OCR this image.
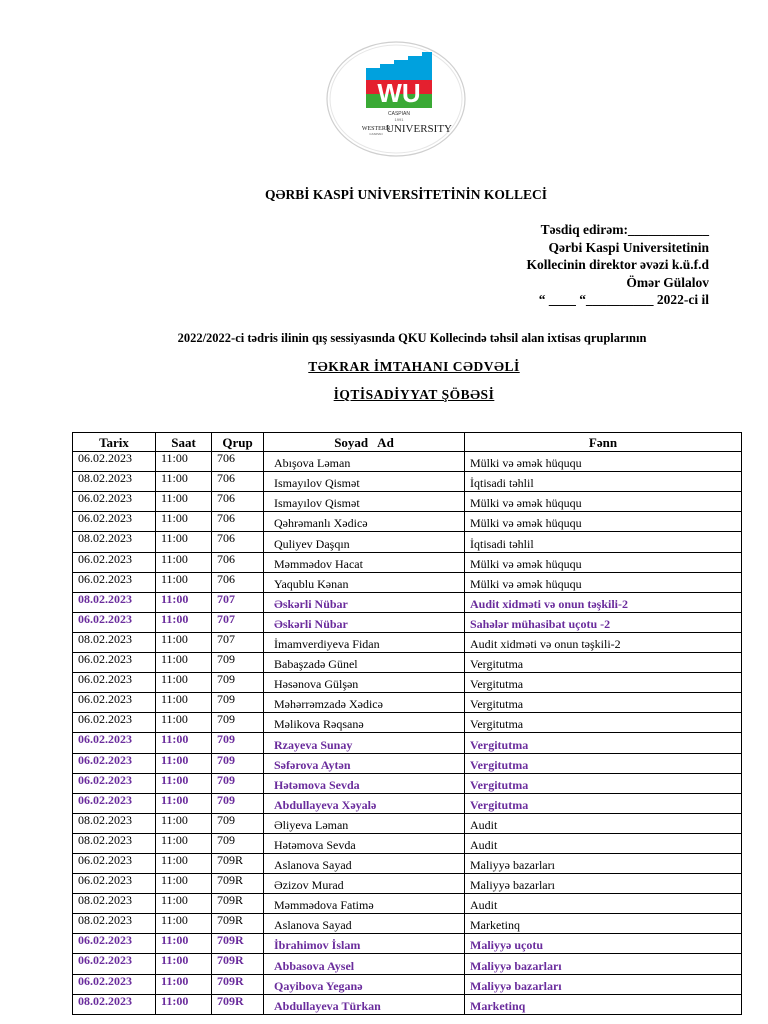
WU
CASPIAN
1991
WESTERN
CASPIAN UNIVERSITY
QƏRBİ KASPİ UNİVERSİTETİNİN KOLLECİ
Təsdiq edirəm:____________
Qərbi Kaspi Universitetinin
Kollecinin direktor əvəzi k.ü.f.d
Ömər Gülalov
“ ____ “__________ 2022-ci il
2022/2022-ci tədris ilinin qış sessiyasında QKU Kollecində təhsil alan ixtisas qruplarının
TƏKRAR İMTAHANI CƏDVƏLİ
İQTİSADİYYAT ŞÖBƏSİ
Tarix	Saat	Qrup	Soyad   Ad	Fənn
06.02.2023	11:00	706	Abışova Ləman	Mülki və əmək hüququ
08.02.2023	11:00	706	Ismayılov Qismət	İqtisadi təhlil
06.02.2023	11:00	706	Ismayılov Qismət	Mülki və əmək hüququ
06.02.2023	11:00	706	Qəhrəmanlı Xədicə	Mülki və əmək hüququ
08.02.2023	11:00	706	Quliyev Daşqın	İqtisadi təhlil
06.02.2023	11:00	706	Məmmədov Hacat	Mülki və əmək hüququ
06.02.2023	11:00	706	Yaqublu Kənan	Mülki və əmək hüququ
08.02.2023	11:00	707	Əskərli Nübar	Audit xidməti və onun təşkili-2
06.02.2023	11:00	707	Əskərli Nübar	Sahələr mühasibat uçotu -2
08.02.2023	11:00	707	İmamverdiyeva Fidan	Audit xidməti və onun təşkili-2
06.02.2023	11:00	709	Babaşzadə Günel	Vergitutma
06.02.2023	11:00	709	Həsənova Gülşən	Vergitutma
06.02.2023	11:00	709	Məhərrəmzadə Xədicə	Vergitutma
06.02.2023	11:00	709	Məlikova Rəqsanə	Vergitutma
06.02.2023	11:00	709	Rzayeva Sunay	Vergitutma
06.02.2023	11:00	709	Səfərova Aytən	Vergitutma
06.02.2023	11:00	709	Hətəmova Sevda	Vergitutma
06.02.2023	11:00	709	Abdullayeva Xəyalə	Vergitutma
08.02.2023	11:00	709	Əliyeva Ləman	Audit
08.02.2023	11:00	709	Hətəmova Sevda	Audit
06.02.2023	11:00	709R	Aslanova Sayad	Maliyyə bazarları
06.02.2023	11:00	709R	Əzizov Murad	Maliyyə bazarları
08.02.2023	11:00	709R	Məmmədova Fatimə	Audit
08.02.2023	11:00	709R	Aslanova Sayad	Marketinq
06.02.2023	11:00	709R	İbrahimov İslam	Maliyyə uçotu
06.02.2023	11:00	709R	Abbasova Aysel	Maliyyə bazarları
06.02.2023	11:00	709R	Qayibova Yeganə	Maliyyə bazarları
08.02.2023	11:00	709R	Abdullayeva Türkan	Marketinq
